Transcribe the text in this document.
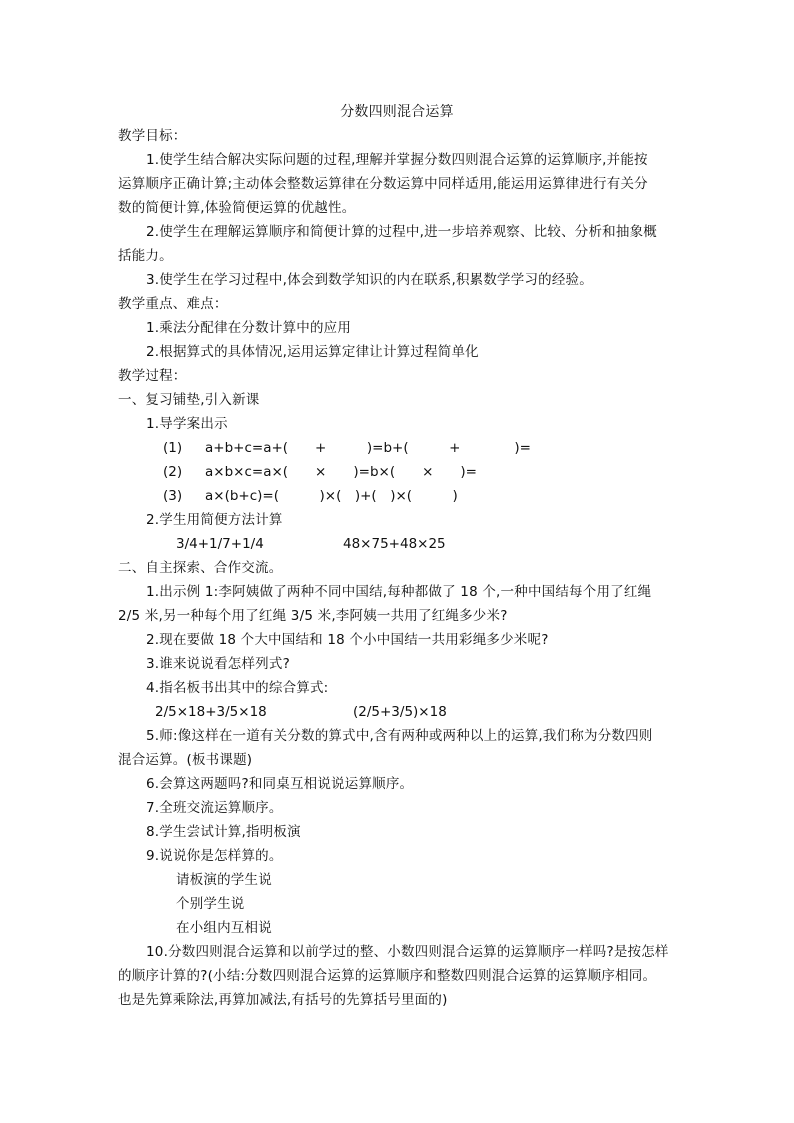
分数四则混合运算
教学目标：
1.使学生结合解决实际问题的过程,理解并掌握分数四则混合运算的运算顺序,并能按
运算顺序正确计算;主动体会整数运算律在分数运算中同样适用,能运用运算律进行有关分
数的简便计算,体验简便运算的优越性。
2.使学生在理解运算顺序和简便计算的过程中,进一步培养观察、比较、分析和抽象概
括能力。
3.使学生在学习过程中,体会到数学知识的内在联系,积累数学学习的经验。
教学重点、难点：
1.乘法分配律在分数计算中的应用
2.根据算式的具体情况,运用运算定律让计算过程简单化
教学过程：
一、复习铺垫,引入新课
1.导学案出示
(1) a+b+c=a+(　　+　　　)=b+(　　　+　　　　)=
(2) a×b×c=a×(　　×　　)=b×(　　×　　)=
(3) a×(b+c)=(　　　)×(　)+(　)×(　　　)
2.学生用简便方法计算
3/4+1/7+1/4	48×75+48×25
二、自主探索、合作交流。
1.出示例 1:李阿姨做了两种不同中国结,每种都做了 18 个,一种中国结每个用了红绳
2/5 米,另一种每个用了红绳 3/5 米,李阿姨一共用了红绳多少米?
2.现在要做 18 个大中国结和 18 个小中国结一共用彩绳多少米呢?
3.谁来说说看怎样列式?
4.指名板书出其中的综合算式:
2/5×18+3/5×18	(2/5+3/5)×18
5.师:像这样在一道有关分数的算式中,含有两种或两种以上的运算,我们称为分数四则
混合运算。(板书课题)
6.会算这两题吗?和同桌互相说说运算顺序。
7.全班交流运算顺序。
8.学生尝试计算,指明板演
9.说说你是怎样算的。
请板演的学生说
个别学生说
在小组内互相说
10.分数四则混合运算和以前学过的整、小数四则混合运算的运算顺序一样吗?是按怎样
的顺序计算的?(小结:分数四则混合运算的运算顺序和整数四则混合运算的运算顺序相同。
也是先算乘除法,再算加减法,有括号的先算括号里面的)
